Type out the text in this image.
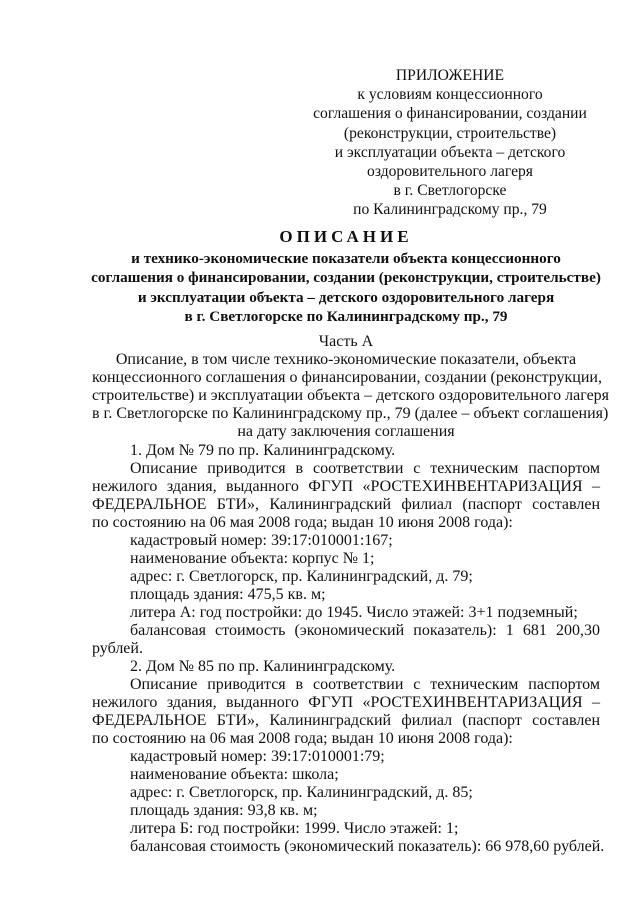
ПРИЛОЖЕНИЕ
к условиям концессионного
соглашения о финансировании, создании
(реконструкции, строительстве)
и эксплуатации объекта – детского
оздоровительного лагеря
в г. Светлогорске
по Калининградскому пр., 79
ОПИСАНИЕ
и технико-экономические показатели объекта концессионного
соглашения о финансировании, создании (реконструкции, строительстве)
и эксплуатации объекта – детского оздоровительного лагеря
в г. Светлогорске по Калининградскому пр., 79
Часть А
Описание, в том числе технико-экономические показатели, объекта
концессионного соглашения о финансировании, создании (реконструкции,
строительстве) и эксплуатации объекта – детского оздоровительного лагеря
в г. Светлогорске по Калининградскому пр., 79 (далее – объект соглашения)
на дату заключения соглашения
1. Дом № 79 по пр. Калининградскому.
Описание приводится в соответствии с техническим паспортом
нежилого здания, выданного ФГУП «РОСТЕХИНВЕНТАРИЗАЦИЯ –
ФЕДЕРАЛЬНОЕ БТИ», Калининградский филиал (паспорт составлен
по состоянию на 06 мая 2008 года; выдан 10 июня 2008 года):
кадастровый номер: 39:17:010001:167;
наименование объекта: корпус № 1;
адрес: г. Светлогорск, пр. Калининградский, д. 79;
площадь здания: 475,5 кв. м;
литера А: год постройки: до 1945. Число этажей: 3+1 подземный;
балансовая стоимость (экономический показатель): 1 681 200,30
рублей.
2. Дом № 85 по пр. Калининградскому.
Описание приводится в соответствии с техническим паспортом
нежилого здания, выданного ФГУП «РОСТЕХИНВЕНТАРИЗАЦИЯ –
ФЕДЕРАЛЬНОЕ БТИ», Калининградский филиал (паспорт составлен
по состоянию на 06 мая 2008 года; выдан 10 июня 2008 года):
кадастровый номер: 39:17:010001:79;
наименование объекта: школа;
адрес: г. Светлогорск, пр. Калининградский, д. 85;
площадь здания: 93,8 кв. м;
литера Б: год постройки: 1999. Число этажей: 1;
балансовая стоимость (экономический показатель): 66 978,60 рублей.
